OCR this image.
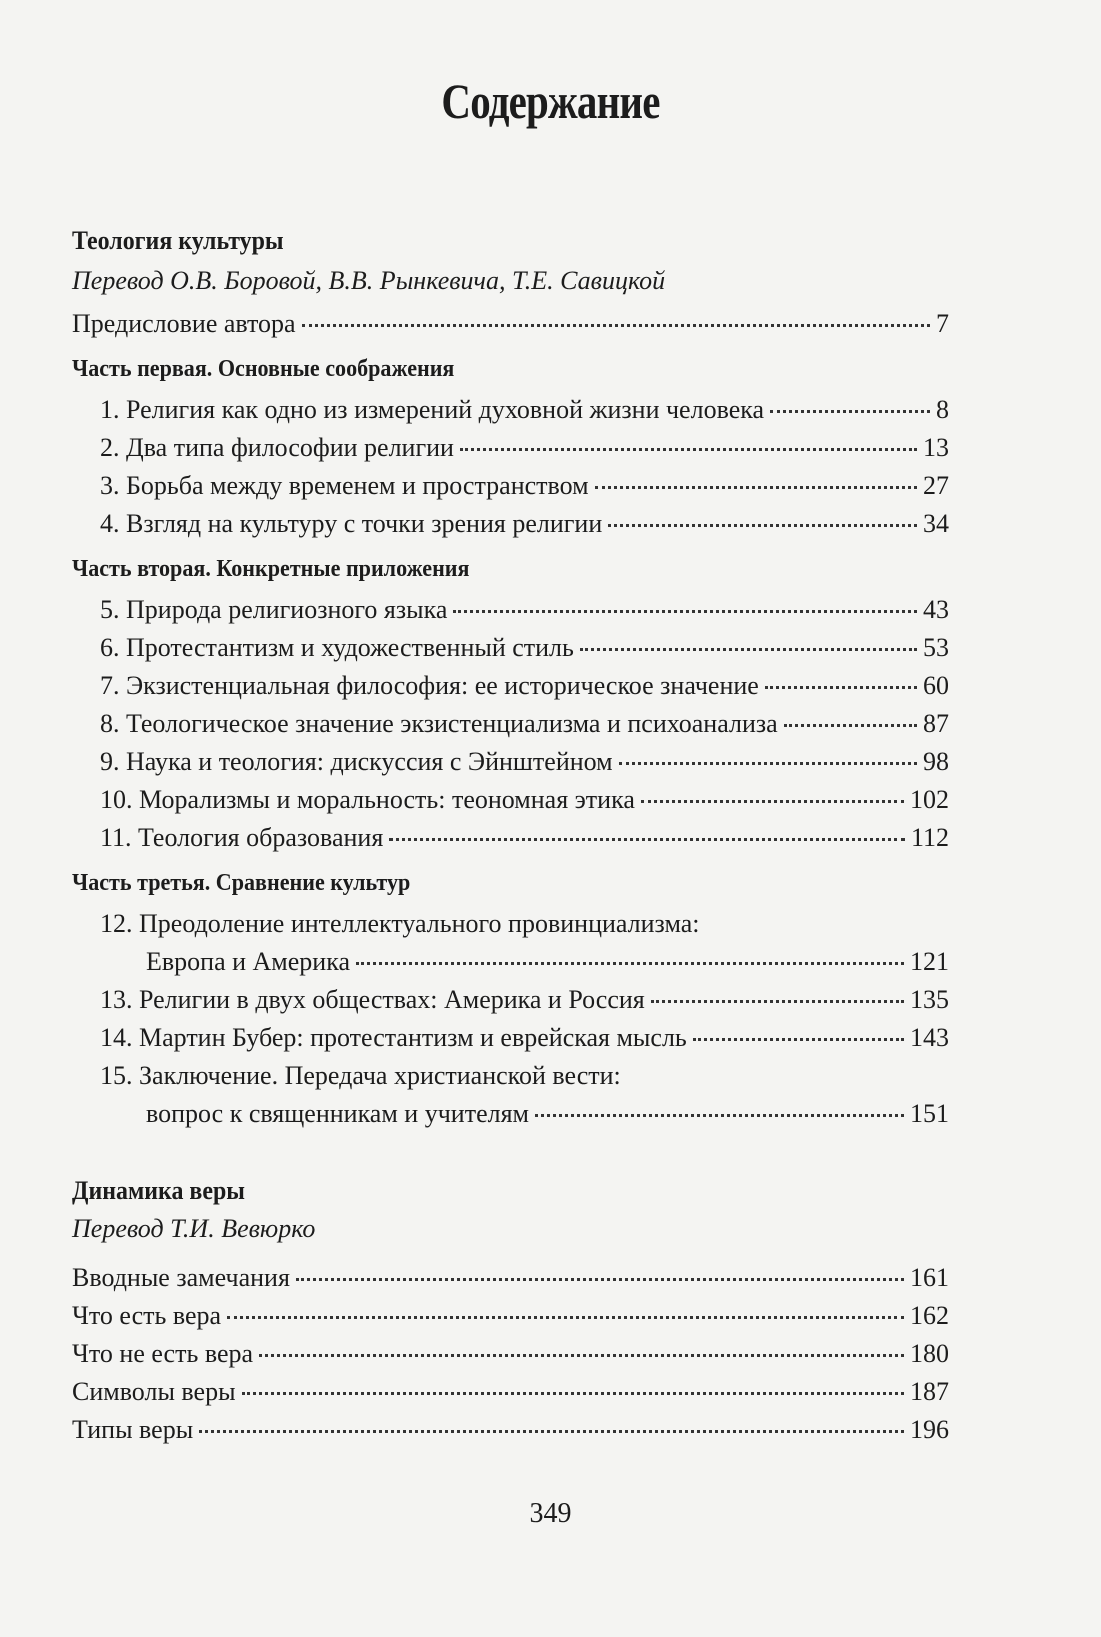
Содержание
Теология культуры
Перевод О.В. Боровой, В.В. Рынкевича, Т.Е. Савицкой
Предисловие автора	7
Часть первая. Основные соображения
1. Религия как одно из измерений духовной жизни человека	8
2. Два типа философии религии	13
3. Борьба между временем и пространством	27
4. Взгляд на культуру с точки зрения религии	34
Часть вторая. Конкретные приложения
5. Природа религиозного языка	43
6. Протестантизм и художественный стиль	53
7. Экзистенциальная философия: ее историческое значение	60
8. Теологическое значение экзистенциализма и психоанализа	87
9. Наука и теология: дискуссия с Эйнштейном	98
10. Морализмы и моральность: теономная этика	102
11. Теология образования	112
Часть третья. Сравнение культур
12. Преодоление интеллектуального провинциализма:
Европа и Америка	121
13. Религии в двух обществах: Америка и Россия	135
14. Мартин Бубер: протестантизм и еврейская мысль	143
15. Заключение. Передача христианской вести:
вопрос к священникам и учителям	151
Динамика веры
Перевод Т.И. Вевюрко
Вводные замечания	161
Что есть вера	162
Что не есть вера	180
Символы веры	187
Типы веры	196
349
